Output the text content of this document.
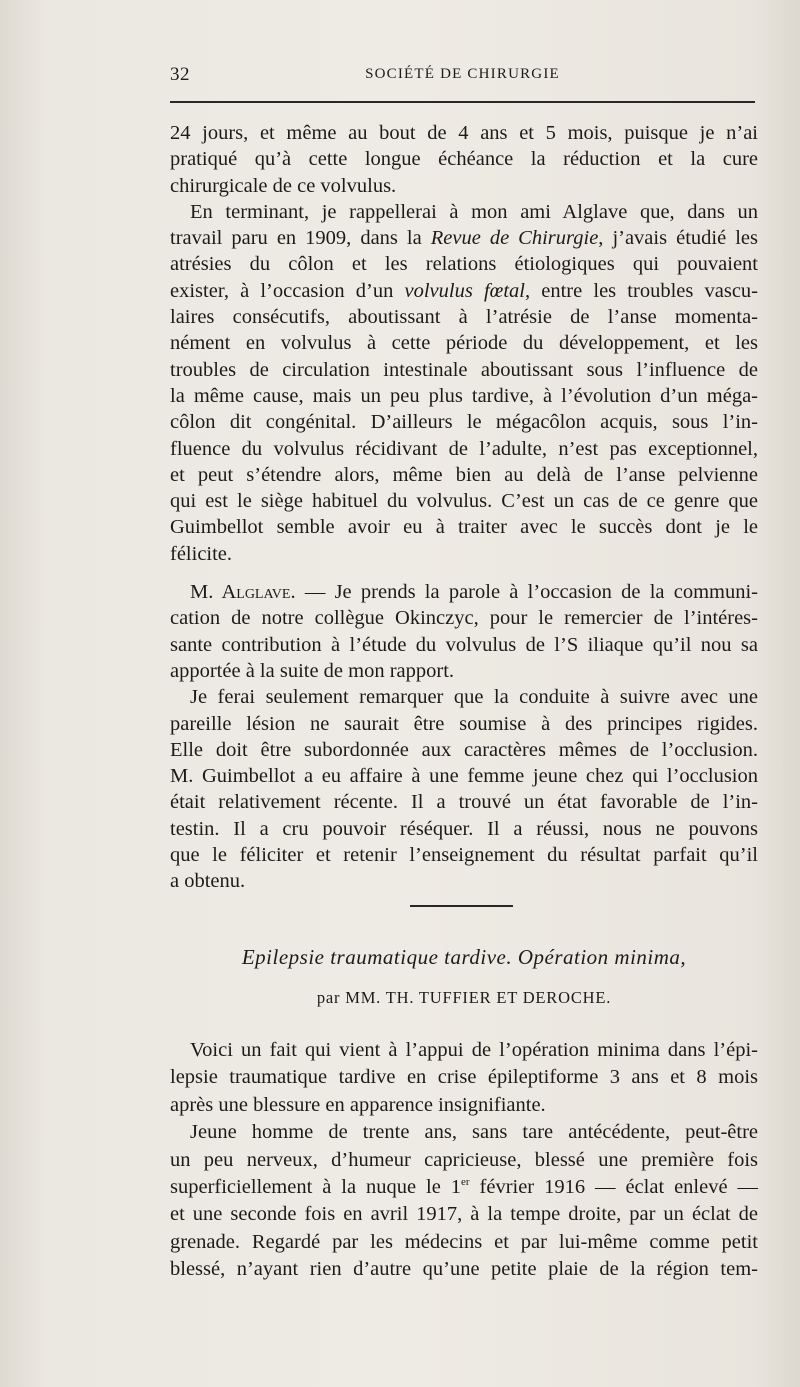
32	SOCIÉTÉ DE CHIRURGIE
24 jours, et même au bout de 4 ans et 5 mois, puisque je n’ai
pratiqué qu’à cette longue échéance la réduction et la cure
chirurgicale de ce volvulus.
En terminant, je rappellerai à mon ami Alglave que, dans un
travail paru en 1909, dans la Revue de Chirurgie, j’avais étudié les
atrésies du côlon et les relations étiologiques qui pouvaient
exister, à l’occasion d’un volvulus fœtal, entre les troubles vascu-
laires consécutifs, aboutissant à l’atrésie de l’anse momenta-
nément en volvulus à cette période du développement, et les
troubles de circulation intestinale aboutissant sous l’influence de
la même cause, mais un peu plus tardive, à l’évolution d’un méga-
côlon dit congénital. D’ailleurs le mégacôlon acquis, sous l’in-
fluence du volvulus récidivant de l’adulte, n’est pas exceptionnel,
et peut s’étendre alors, même bien au delà de l’anse pelvienne
qui est le siège habituel du volvulus. C’est un cas de ce genre que
Guimbellot semble avoir eu à traiter avec le succès dont je le
félicite.
M. Alglave. — Je prends la parole à l’occasion de la communi-
cation de notre collègue Okinczyc, pour le remercier de l’intéres-
sante contribution à l’étude du volvulus de l’S iliaque qu’il nou sa
apportée à la suite de mon rapport.
Je ferai seulement remarquer que la conduite à suivre avec une
pareille lésion ne saurait être soumise à des principes rigides.
Elle doit être subordonnée aux caractères mêmes de l’occlusion.
M. Guimbellot a eu affaire à une femme jeune chez qui l’occlusion
était relativement récente. Il a trouvé un état favorable de l’in-
testin. Il a cru pouvoir réséquer. Il a réussi, nous ne pouvons
que le féliciter et retenir l’enseignement du résultat parfait qu’il
a obtenu.
Epilepsie traumatique tardive. Opération minima,
par MM. TH. TUFFIER ET DEROCHE.
Voici un fait qui vient à l’appui de l’opération minima dans l’épi-
lepsie traumatique tardive en crise épileptiforme 3 ans et 8 mois
après une blessure en apparence insignifiante.
Jeune homme de trente ans, sans tare antécédente, peut-être
un peu nerveux, d’humeur capricieuse, blessé une première fois
superficiellement à la nuque le 1er février 1916 — éclat enlevé —
et une seconde fois en avril 1917, à la tempe droite, par un éclat de
grenade. Regardé par les médecins et par lui-même comme petit
blessé, n’ayant rien d’autre qu’une petite plaie de la région tem-
